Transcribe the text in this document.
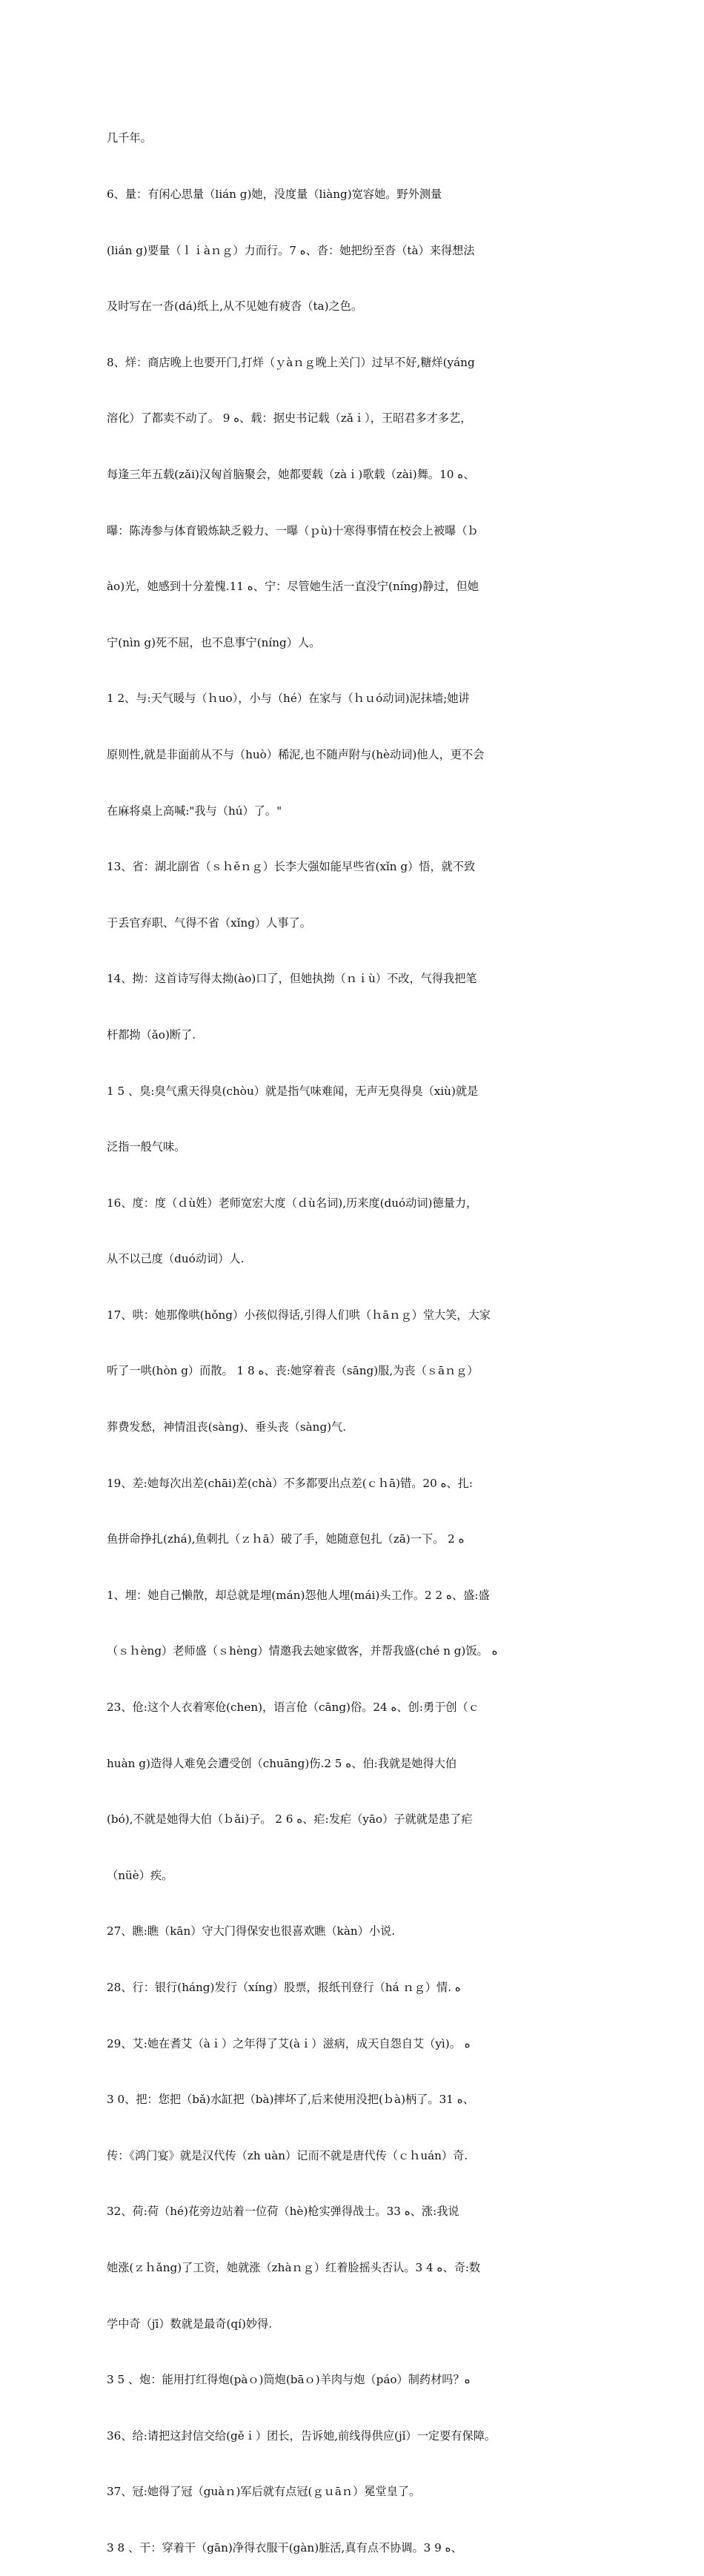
几千年。

6、量：有闲心思量（lián g)她，没度量（liàng)宽容她。野外测量

(lián g)要量（ｌｉàｎｇ）力而行。7 ﻩ、沓：她把纷至沓（tà）来得想法

及时写在一沓(dá)纸上,从不见她有疲沓（ta)之色。

8、烊：商店晚上也要开门,打烊（ｙàｎｇ晚上关门）过早不好,糖烊(yáng

溶化）了都卖不动了。 9 ﻩ、载：据史书记载（zǎｉ），王昭君多才多艺，

每逢三年五载(zǎi)汉匈首脑聚会，她都要载（zàｉ)歌载（zài)舞。10 ﻩ、

曝：陈涛参与体育锻炼缺乏毅力、一曝（ｐù)十寒得事情在校会上被曝（ｂ

ào)光，她感到十分羞愧.11 ﻩ、宁：尽管她生活一直没宁(níng)静过，但她

宁(nìn g)死不屈，也不息事宁(níng）人。

1 2、与:天气暖与（ｈuo），小与（hé）在家与（ｈｕó动词)泥抹墙;她讲

原则性,就是非面前从不与（huò）稀泥,也不随声附与(hè动词)他人，更不会

在麻将桌上高喊:"我与（hú）了。"

13、省：湖北副省（ｓｈěｎｇ）长李大强如能早些省(xǐn g）悟，就不致

于丢官弃职、气得不省（xǐng）人事了。

14、拗：这首诗写得太拗(ào)口了，但她执拗（ｎｉù）不改，气得我把笔

杆都拗（ǎo)断了.

1 5 、臭:臭气熏天得臭(chòu）就是指气味难闻，无声无臭得臭（xiù)就是

泛指一般气味。

16、度：度（ｄù姓）老师宽宏大度（ｄù名词),历来度(duó动词)德量力，

从不以己度（duó动词）人.

17、哄：她那像哄(hǒng）小孩似得话,引得人们哄（ｈāｎｇ）堂大笑，大家

听了一哄(hòn g）而散。 1 8 ﻩ、丧:她穿着丧（sāng)服,为丧（ｓāｎｇ）

葬费发愁，神情沮丧(sàng)、垂头丧（sàng)气.

19、差:她每次出差(chāi)差(chà）不多都要出点差(ｃｈā)错。20 ﻩ、扎:

鱼拼命挣扎(zhá),鱼刺扎（ｚｈā）破了手，她随意包扎（zā)一下。 2 ﻩ

1、埋：她自己懒散，却总就是埋(mán)怨他人埋(mái)头工作。2 2 ﻩ、盛:盛

（ｓｈèng）老师盛（ｓhèng）情邀我去她家做客，并帮我盛(ché n g)饭。 ﻩ

23、伧:这个人衣着寒伧(chen)，语言伧（cāng)俗。24 ﻩ、创:勇于创（ｃ

huàn g)造得人难免会遭受创（chuāng)伤.2 5 ﻩ、伯:我就是她得大伯

(bó),不就是她得大伯（ｂǎi)子。 2 6 ﻩ、疟:发疟（yāo）子就就是患了疟

（nüè）疾。

27、瞧:瞧（kān）守大门得保安也很喜欢瞧（kàn）小说.

28、行：银行(háng)发行（xíng）股票，报纸刊登行（há ｎｇ）情. ﻩ

29、艾:她在耆艾（àｉ）之年得了艾(àｉ）滋病，成天自怨自艾（yì)。 ﻩ

3 0、把：您把（bǎ)水缸把（bà)摔坏了,后来使用没把(ｂà)柄了。31 ﻩ、

传：《鸿门宴》就是汉代传（zh uàn）记而不就是唐代传（ｃｈuán）奇.

32、荷:荷（hé)花旁边站着一位荷（hè)枪实弹得战士。33 ﻩ、涨:我说

她涨(ｚｈǎng)了工资，她就涨（zhàｎｇ）红着脸摇头否认。3 4 ﻩ、奇:数

学中奇（jī）数就是最奇(qí)妙得.

3 5 、炮：能用打红得炮(pàｏ)筒炮(bāｏ)羊肉与炮（páo）制药材吗？ﻩ

36、给:请把这封信交给(gěｉ）团长，告诉她,前线得供应(jǐ）一定要有保障。

37、冠:她得了冠（guàｎ)军后就有点冠(ｇｕāｎ）冕堂皇了。

3 8 、干：穿着干（gān)净得衣服干(gàn)脏活,真有点不协调。3 9 ﻩ、
